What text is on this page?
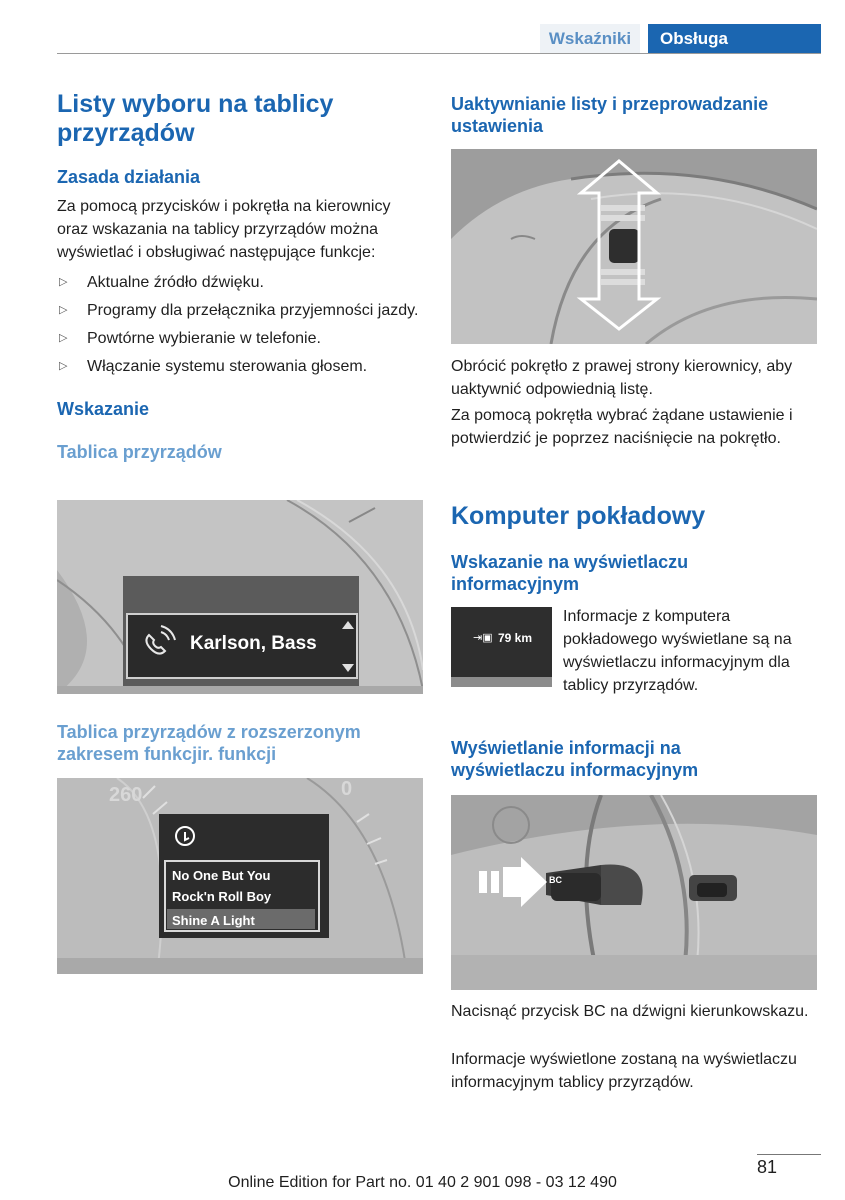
Wskaźniki	Obsługa
Listy wyboru na tablicy przyrządów
Zasada działania
Za pomocą przycisków i pokrętła na kierownicy oraz wskazania na tablicy przyrządów można wyświetlać i obsługiwać następujące funkcje:
▷ Aktualne źródło dźwięku.
▷ Programy dla przełącznika przyjemności jazdy.
▷ Powtórne wybieranie w telefonie.
▷ Włączanie systemu sterowania głosem.
Wskazanie
Tablica przyrządów
Karlson, Bass
Tablica przyrządów z rozszerzonym zakresem funkcjir. funkcji
260	0
No One But You
Rock'n Roll Boy
Shine A Light
Uaktywnianie listy i przeprowadzanie ustawienia
Obrócić pokrętło z prawej strony kierownicy, aby uaktywnić odpowiednią listę.
Za pomocą pokrętła wybrać żądane ustawienie i potwierdzić je poprzez naciśnięcie na pokrętło.
Komputer pokładowy
Wskazanie na wyświetlaczu informacyjnym
⇥▣ 79 km
Informacje z komputera pokładowego wyświetlane są na wyświetlaczu informacyjnym dla tablicy przyrządów.
Wyświetlanie informacji na wyświetlaczu informacyjnym
BC
Nacisnąć przycisk BC na dźwigni kierunkowskazu.
Informacje wyświetlone zostaną na wyświetlaczu informacyjnym tablicy przyrządów.
81
Online Edition for Part no. 01 40 2 901 098 - 03 12 490
